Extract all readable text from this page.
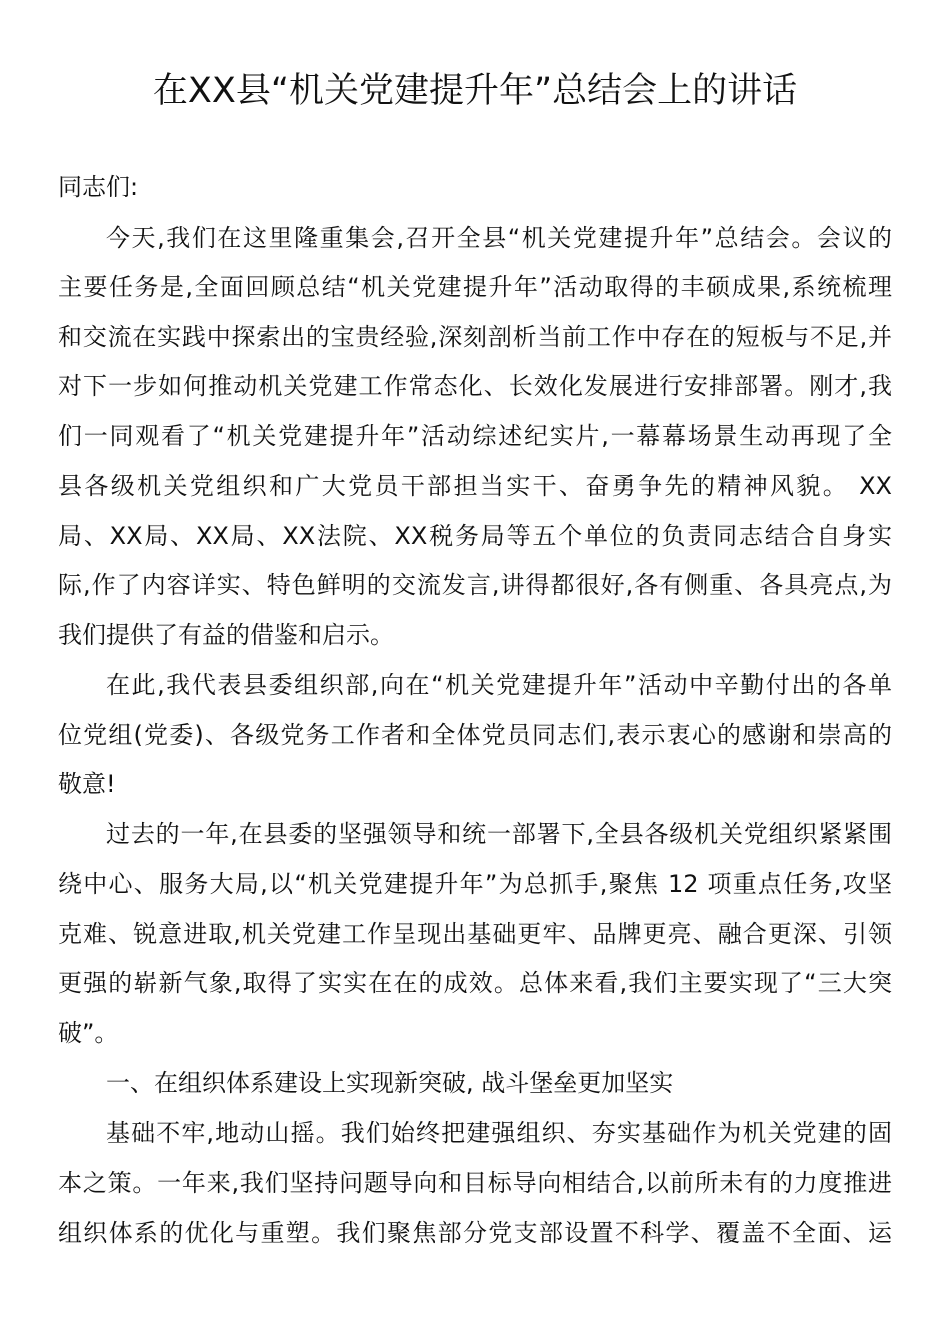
在XX县“机关党建提升年”总结会上的讲话
同志们:
今天,我们在这里隆重集会,召开全县“机关党建提升年”总结会。会议的
主要任务是,全面回顾总结“机关党建提升年”活动取得的丰硕成果,系统梳理
和交流在实践中探索出的宝贵经验,深刻剖析当前工作中存在的短板与不足,并
对下一步如何推动机关党建工作常态化、长效化发展进行安排部署。刚才,我
们一同观看了“机关党建提升年”活动综述纪实片,一幕幕场景生动再现了全
县各级机关党组织和广大党员干部担当实干、奋勇争先的精神风貌。 XX
局、XX局、XX局、XX法院、XX税务局等五个单位的负责同志结合自身实
际,作了内容详实、特色鲜明的交流发言,讲得都很好,各有侧重、各具亮点,为
我们提供了有益的借鉴和启示。
在此,我代表县委组织部,向在“机关党建提升年”活动中辛勤付出的各单
位党组(党委)、各级党务工作者和全体党员同志们,表示衷心的感谢和崇高的
敬意!
过去的一年,在县委的坚强领导和统一部署下,全县各级机关党组织紧紧围
绕中心、服务大局,以“机关党建提升年”为总抓手,聚焦 12 项重点任务,攻坚
克难、锐意进取,机关党建工作呈现出基础更牢、品牌更亮、融合更深、引领
更强的崭新气象,取得了实实在在的成效。总体来看,我们主要实现了“三大突
破”。
一、在组织体系建设上实现新突破, 战斗堡垒更加坚实
基础不牢,地动山摇。我们始终把建强组织、夯实基础作为机关党建的固
本之策。一年来,我们坚持问题导向和目标导向相结合,以前所未有的力度推进
组织体系的优化与重塑。我们聚焦部分党支部设置不科学、覆盖不全面、运
